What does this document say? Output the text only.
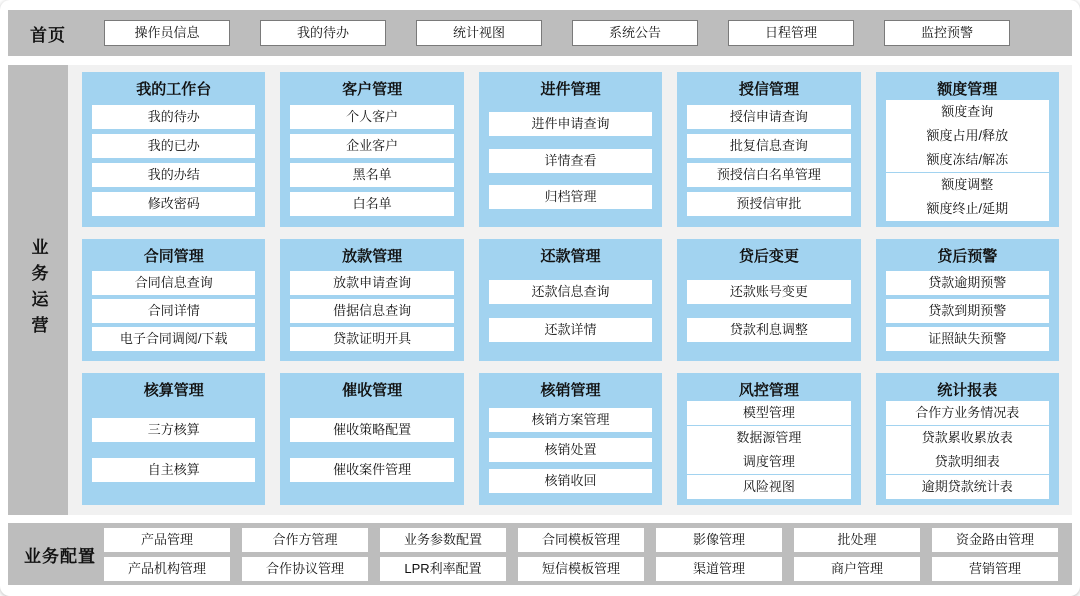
首页	操作员信息	我的待办	统计视图	系统公告	日程管理	监控预警
业务运营
我的工作台
我的待办
我的已办
我的办结
修改密码
客户管理
个人客户
企业客户
黑名单
白名单
进件管理
进件申请查询
详情查看
归档管理
授信管理
授信申请查询
批复信息查询
预授信白名单管理
预授信审批
额度管理
额度查询
额度占用/释放
额度冻结/解冻
额度调整
额度终止/延期
合同管理
合同信息查询
合同详情
电子合同调阅/下载
放款管理
放款申请查询
借据信息查询
贷款证明开具
还款管理
还款信息查询
还款详情
贷后变更
还款账号变更
贷款利息调整
贷后预警
贷款逾期预警
贷款到期预警
证照缺失预警
核算管理
三方核算
自主核算
催收管理
催收策略配置
催收案件管理
核销管理
核销方案管理
核销处置
核销收回
风控管理
模型管理
数据源管理
调度管理
风险视图
统计报表
合作方业务情况表
贷款累收累放表
贷款明细表
逾期贷款统计表
业务配置
产品管理	合作方管理	业务参数配置	合同模板管理	影像管理	批处理	资金路由管理
产品机构管理	合作协议管理	LPR利率配置	短信模板管理	渠道管理	商户管理	营销管理
